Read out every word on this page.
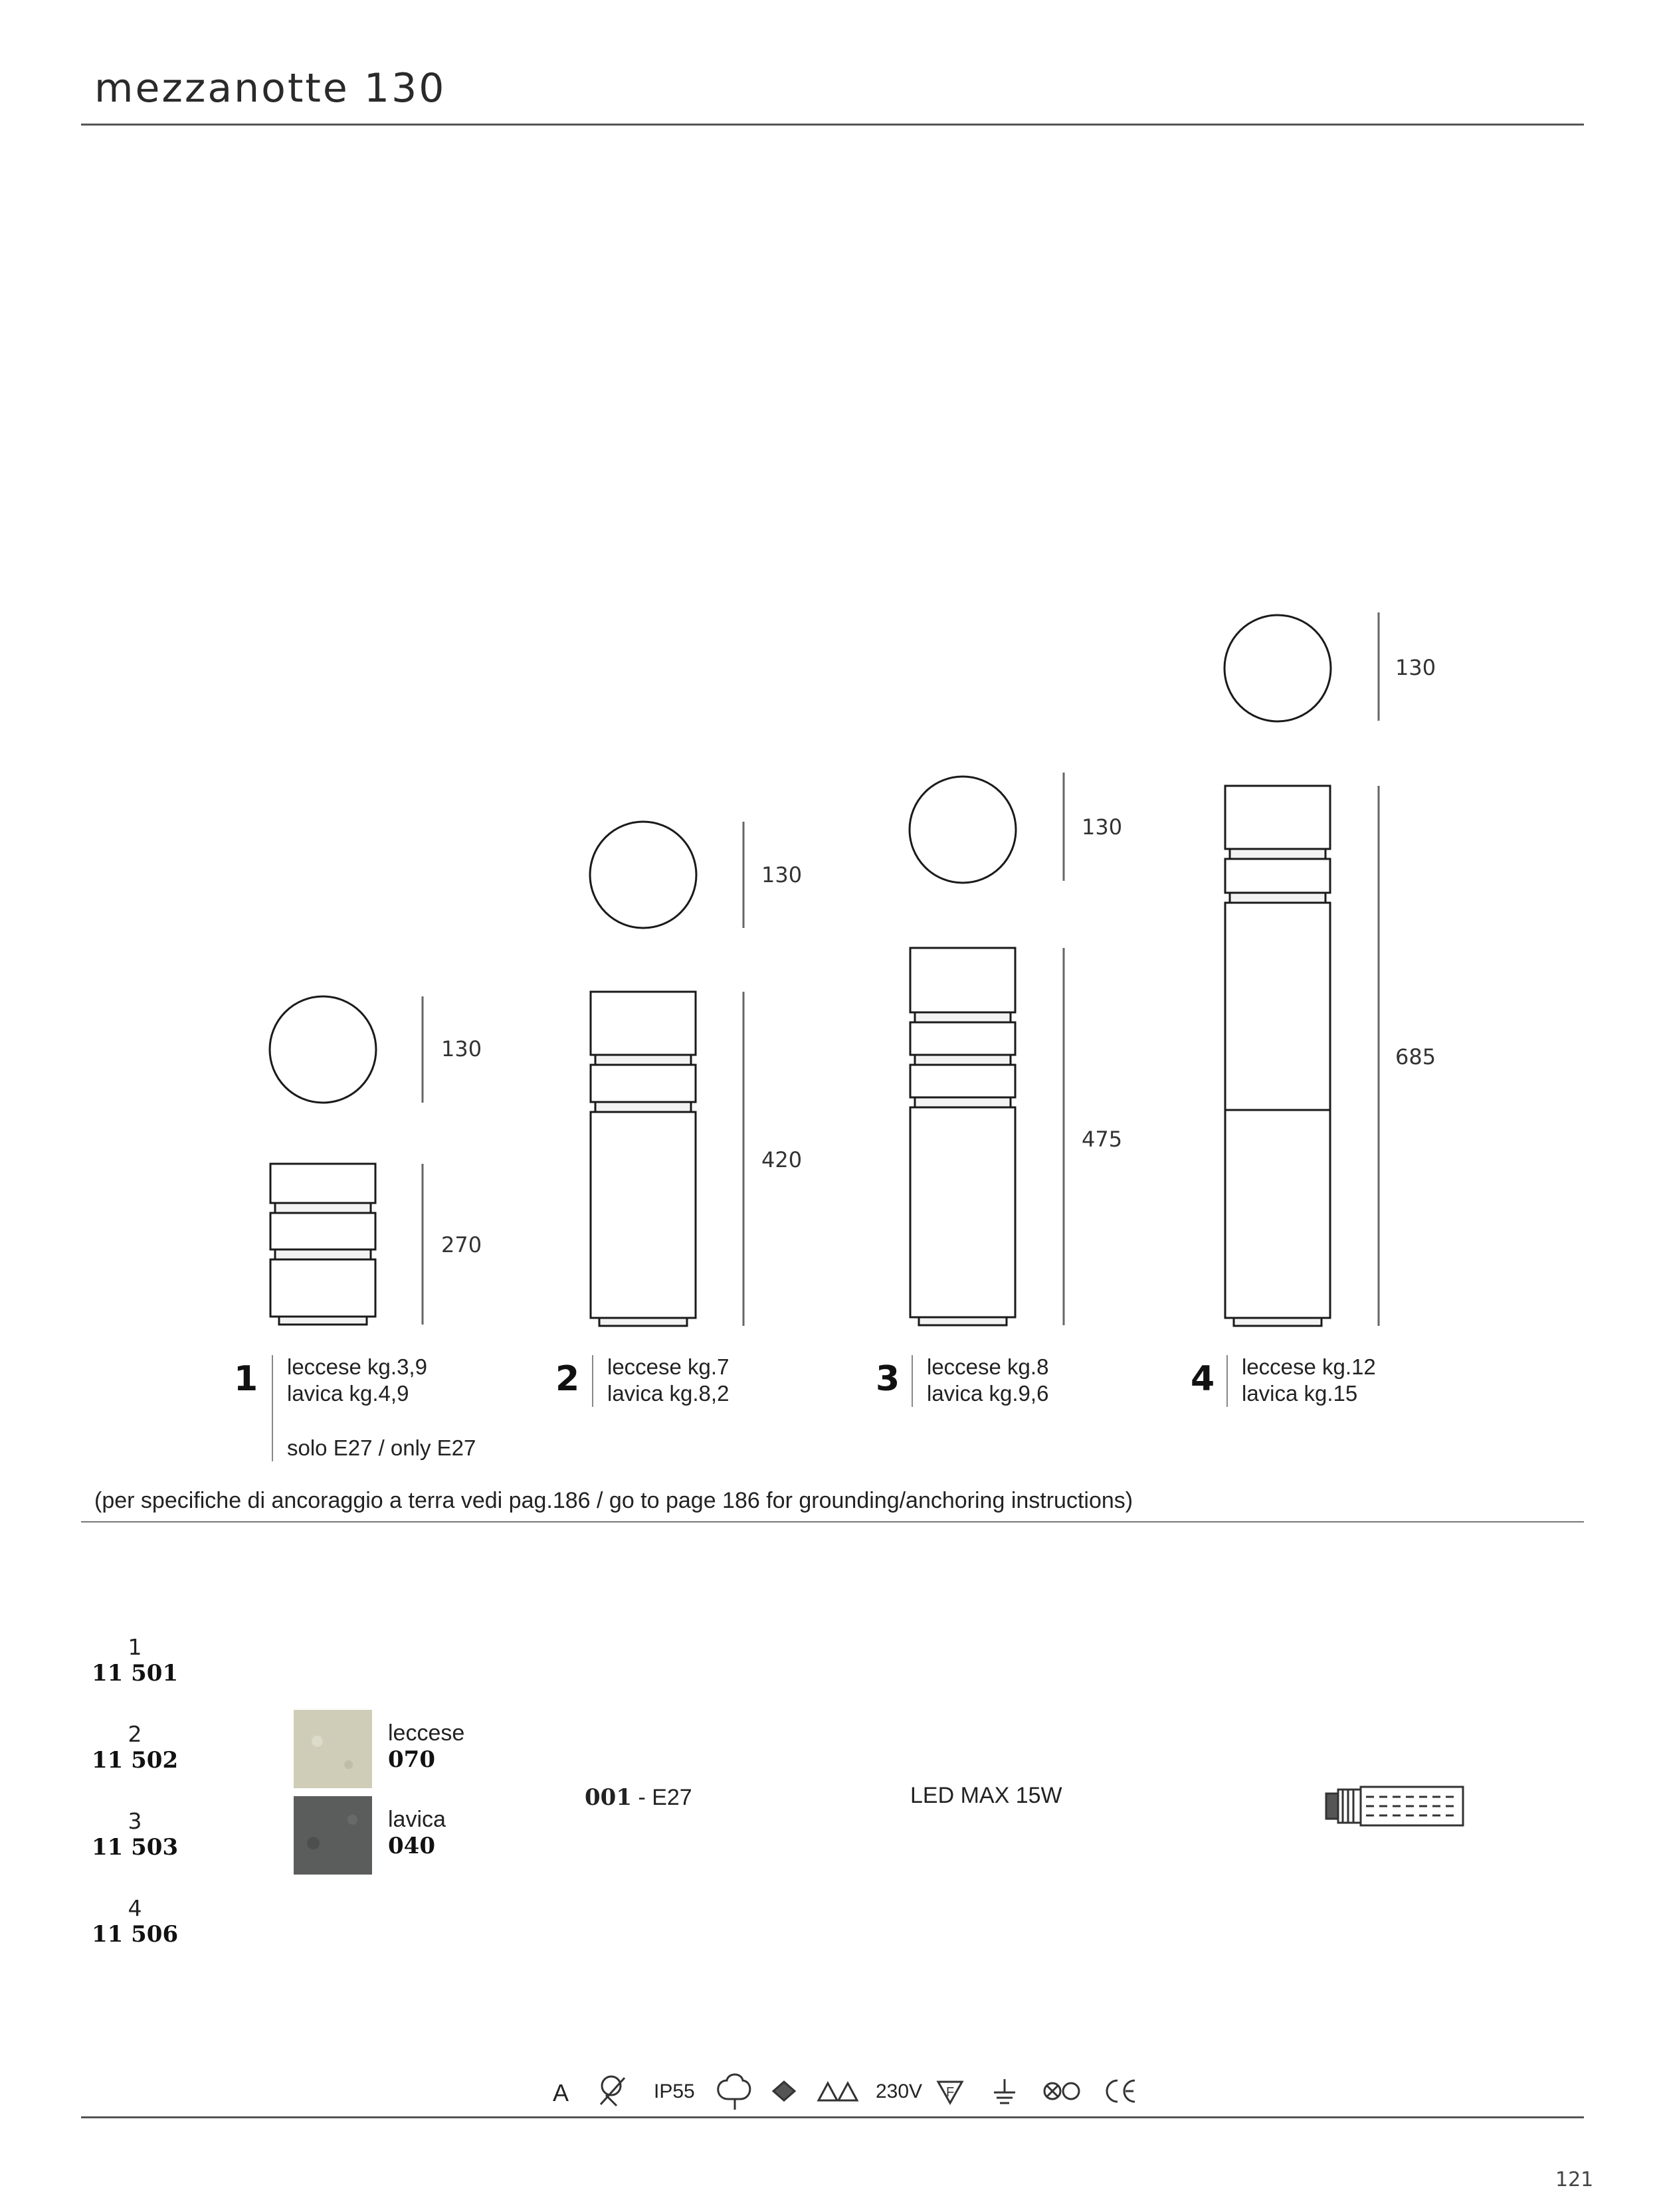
mezzanotte 130
F
130
270
130
420
130
475
130
685
1 leccese kg.3,9
lavica kg.4,9
solo E27 / only E27
2 leccese kg.7
lavica kg.8,2	3 leccese kg.8
lavica kg.9,6	4 leccese kg.12
lavica kg.15
(per specifiche di ancoraggio a terra vedi pag.186 / go to page 186 for grounding/anchoring instructions)
1
11 501
2
11 502
3
11 503
4
11 506
leccese
070
lavica
040
001 - E27	LED MAX 15W
A	IP55	230V
121
